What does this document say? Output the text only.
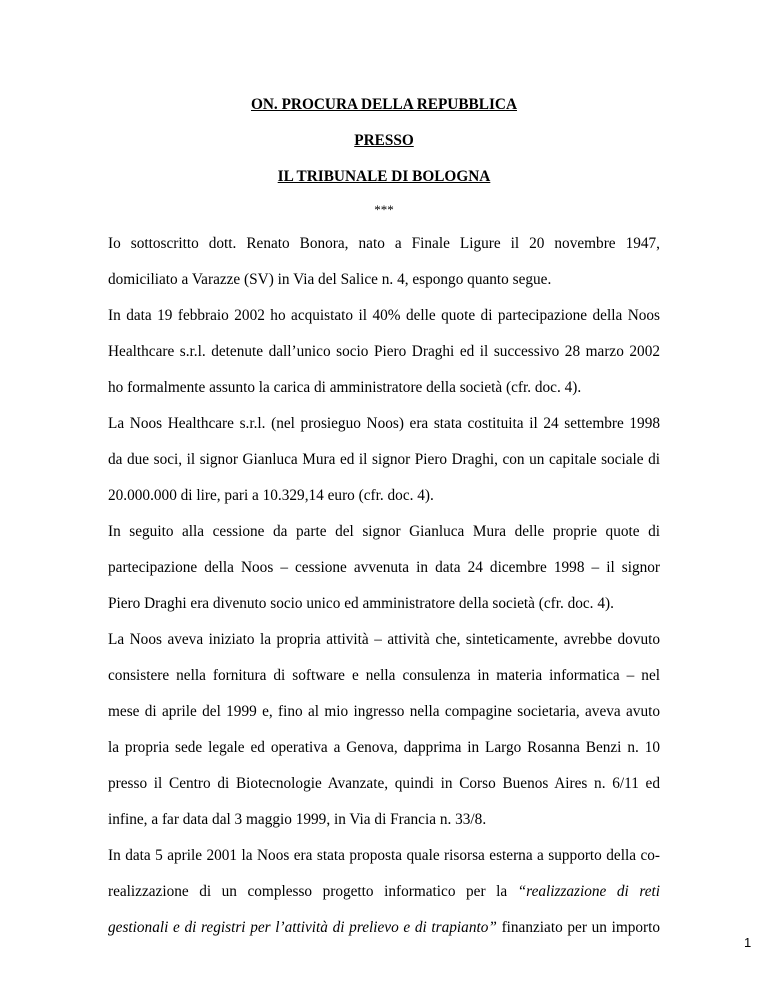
ON. PROCURA DELLA REPUBBLICA
PRESSO
IL TRIBUNALE DI BOLOGNA
***
Io sottoscritto dott. Renato Bonora, nato a Finale Ligure il 20 novembre 1947,
domiciliato a Varazze (SV) in Via del Salice n. 4, espongo quanto segue.
In data 19 febbraio 2002 ho acquistato il 40% delle quote di partecipazione della Noos
Healthcare s.r.l. detenute dall’unico socio Piero Draghi ed il successivo 28 marzo 2002
ho formalmente assunto la carica di amministratore della società (cfr. doc. 4).
La Noos Healthcare s.r.l. (nel prosieguo Noos) era stata costituita il 24 settembre 1998
da due soci, il signor Gianluca Mura ed il signor Piero Draghi, con un capitale sociale di
20.000.000 di lire, pari a 10.329,14 euro (cfr. doc. 4).
In seguito alla cessione da parte del signor Gianluca Mura delle proprie quote di
partecipazione della Noos – cessione avvenuta in data 24 dicembre 1998 – il signor
Piero Draghi era divenuto socio unico ed amministratore della società (cfr. doc. 4).
La Noos aveva iniziato la propria attività – attività che, sinteticamente, avrebbe dovuto
consistere nella fornitura di software e nella consulenza in materia informatica – nel
mese di aprile del 1999 e, fino al mio ingresso nella compagine societaria, aveva avuto
la propria sede legale ed operativa a Genova, dapprima in Largo Rosanna Benzi n. 10
presso il Centro di Biotecnologie Avanzate, quindi in Corso Buenos Aires n. 6/11 ed
infine, a far data dal 3 maggio 1999, in Via di Francia n. 33/8.
In data 5 aprile 2001 la Noos era stata proposta quale risorsa esterna a supporto della co-
realizzazione di un complesso progetto informatico per la “realizzazione di reti
gestionali e di registri per l’attività di prelievo e di trapianto” finanziato per un importo
1
